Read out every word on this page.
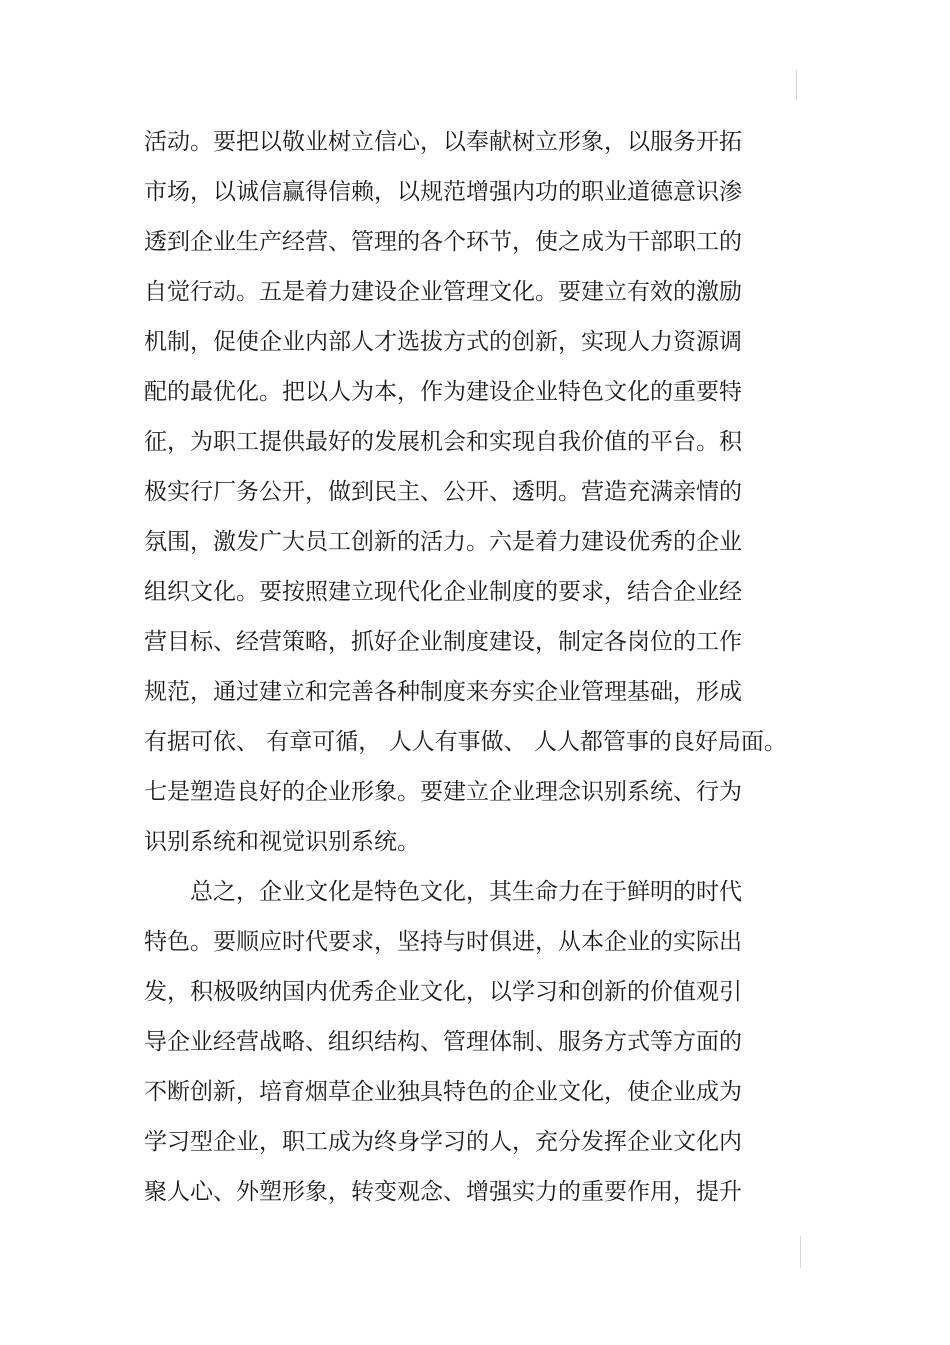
活动。要把以敬业树立信心，以奉献树立形象，以服务开拓
市场，以诚信赢得信赖，以规范增强内功的职业道德意识渗
透到企业生产经营、管理的各个环节，使之成为干部职工的
自觉行动。五是着力建设企业管理文化。要建立有效的激励
机制，促使企业内部人才选拔方式的创新，实现人力资源调
配的最优化。把以人为本，作为建设企业特色文化的重要特
征，为职工提供最好的发展机会和实现自我价值的平台。积
极实行厂务公开，做到民主、公开、透明。营造充满亲情的
氛围，激发广大员工创新的活力。六是着力建设优秀的企业
组织文化。要按照建立现代化企业制度的要求，结合企业经
营目标、经营策略，抓好企业制度建设，制定各岗位的工作
规范，通过建立和完善各种制度来夯实企业管理基础，形成
有据可依、 有章可循， 人人有事做、 人人都管事的良好局面。
七是塑造良好的企业形象。要建立企业理念识别系统、行为
识别系统和视觉识别系统。
　　总之，企业文化是特色文化，其生命力在于鲜明的时代
特色。要顺应时代要求，坚持与时俱进，从本企业的实际出
发，积极吸纳国内优秀企业文化，以学习和创新的价值观引
导企业经营战略、组织结构、管理体制、服务方式等方面的
不断创新，培育烟草企业独具特色的企业文化，使企业成为
学习型企业，职工成为终身学习的人，充分发挥企业文化内
聚人心、外塑形象，转变观念、增强实力的重要作用，提升
